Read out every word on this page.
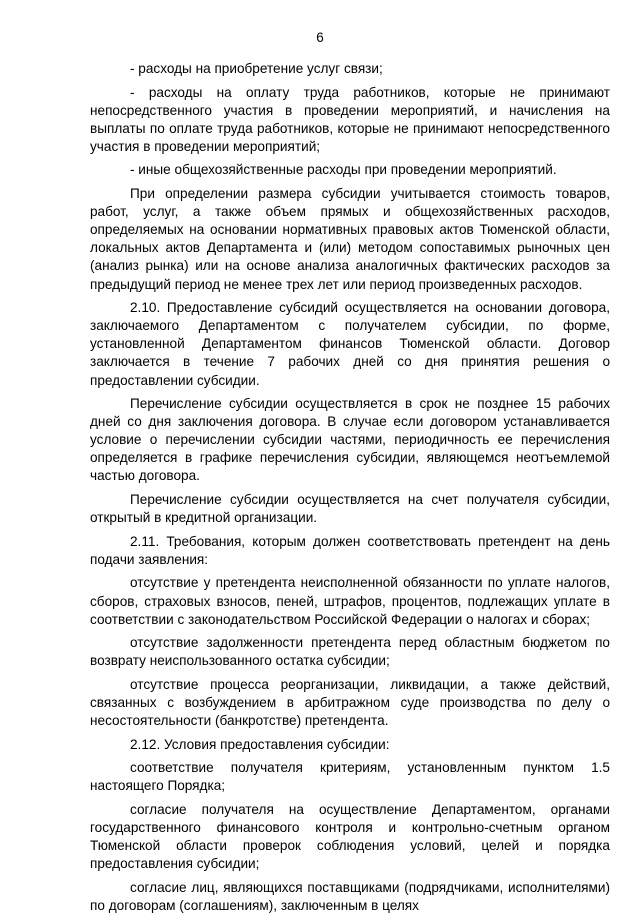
6

- расходы на приобретение услуг связи;

- расходы на оплату труда работников, которые не принимают непосредственного участия в проведении мероприятий, и начисления на выплаты по оплате труда работников, которые не принимают непосредственного участия в проведении мероприятий;

- иные общехозяйственные расходы при проведении мероприятий.

При определении размера субсидии учитывается стоимость товаров, работ, услуг, а также объем прямых и общехозяйственных расходов, определяемых на основании нормативных правовых актов Тюменской области, локальных актов Департамента и (или) методом сопоставимых рыночных цен (анализ рынка) или на основе анализа аналогичных фактических расходов за предыдущий период не менее трех лет или период произведенных расходов.

2.10. Предоставление субсидий осуществляется на основании договора, заключаемого Департаментом с получателем субсидии, по форме, установленной Департаментом финансов Тюменской области. Договор заключается в течение 7 рабочих дней со дня принятия решения о предоставлении субсидии.

Перечисление субсидии осуществляется в срок не позднее 15 рабочих дней со дня заключения договора. В случае если договором устанавливается условие о перечислении субсидии частями, периодичность ее перечисления определяется в графике перечисления субсидии, являющемся неотъемлемой частью договора.

Перечисление субсидии осуществляется на счет получателя субсидии, открытый в кредитной организации.

2.11. Требования, которым должен соответствовать претендент на день подачи заявления:

отсутствие у претендента неисполненной обязанности по уплате налогов, сборов, страховых взносов, пеней, штрафов, процентов, подлежащих уплате в соответствии с законодательством Российской Федерации о налогах и сборах;

отсутствие задолженности претендента перед областным бюджетом по возврату неиспользованного остатка субсидии;

отсутствие процесса реорганизации, ликвидации, а также действий, связанных с возбуждением в арбитражном суде производства по делу о несостоятельности (банкротстве) претендента.

2.12. Условия предоставления субсидии:

соответствие получателя критериям, установленным пунктом 1.5 настоящего Порядка;

согласие получателя на осуществление Департаментом, органами государственного финансового контроля и контрольно-счетным органом Тюменской области проверок соблюдения условий, целей и порядка предоставления субсидии;

согласие лиц, являющихся поставщиками (подрядчиками, исполнителями) по договорам (соглашениям), заключенным в целях
